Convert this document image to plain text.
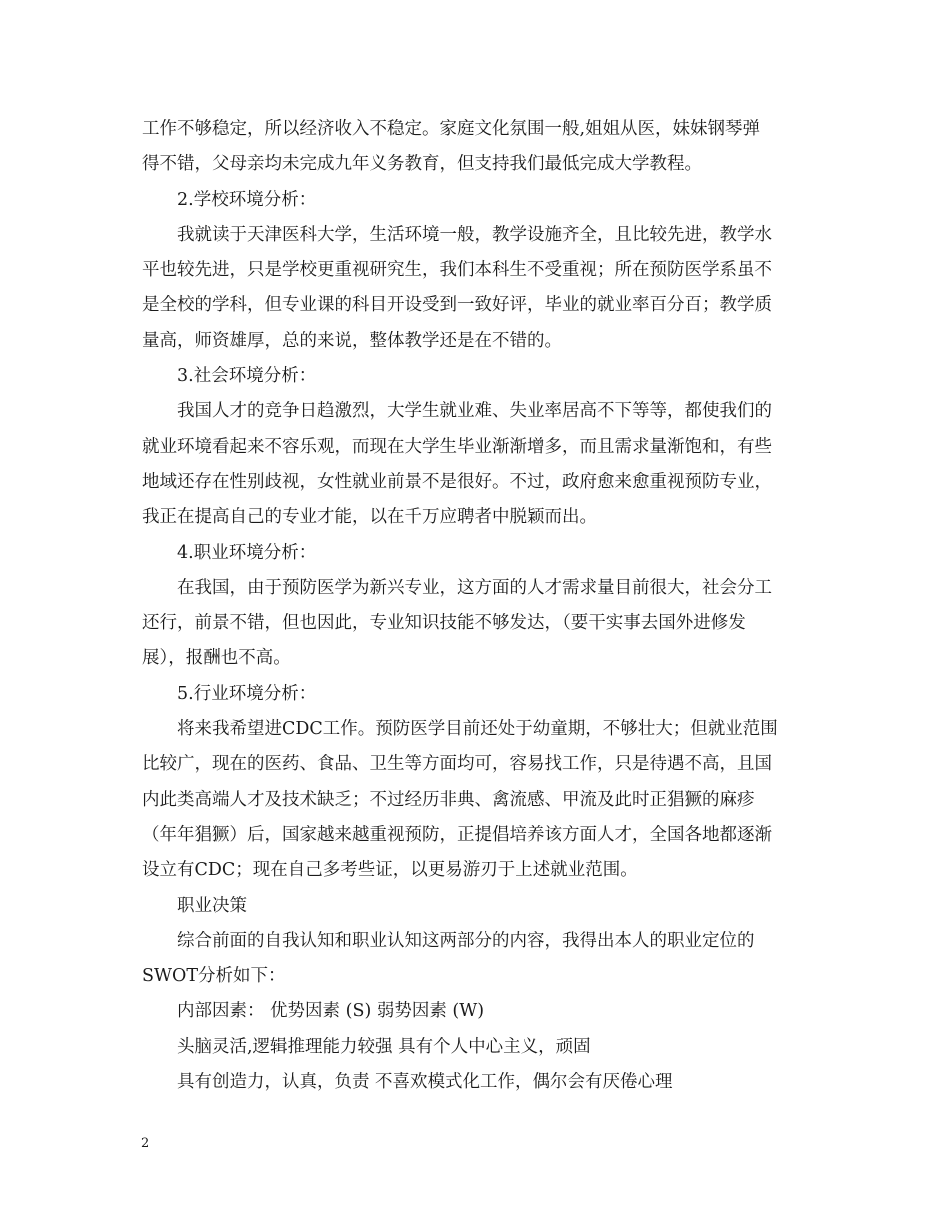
工作不够稳定，所以经济收入不稳定。家庭文化氛围一般,姐姐从医，妹妹钢琴弹
得不错，父母亲均未完成九年义务教育，但支持我们最低完成大学教程。
2.学校环境分析：
我就读于天津医科大学，生活环境一般，教学设施齐全，且比较先进，教学水
平也较先进，只是学校更重视研究生，我们本科生不受重视；所在预防医学系虽不
是全校的学科，但专业课的科目开设受到一致好评，毕业的就业率百分百；教学质
量高，师资雄厚，总的来说，整体教学还是在不错的。
3.社会环境分析：
我国人才的竞争日趋激烈，大学生就业难、失业率居高不下等等，都使我们的
就业环境看起来不容乐观，而现在大学生毕业渐渐增多，而且需求量渐饱和，有些
地域还存在性别歧视，女性就业前景不是很好。不过，政府愈来愈重视预防专业，
我正在提高自己的专业才能，以在千万应聘者中脱颖而出。
4.职业环境分析：
在我国，由于预防医学为新兴专业，这方面的人才需求量目前很大，社会分工
还行，前景不错，但也因此，专业知识技能不够发达，（要干实事去国外进修发
展），报酬也不高。
5.行业环境分析：
将来我希望进CDC工作。预防医学目前还处于幼童期，不够壮大；但就业范围
比较广，现在的医药、食品、卫生等方面均可，容易找工作，只是待遇不高，且国
内此类高端人才及技术缺乏；不过经历非典、禽流感、甲流及此时正猖獗的麻疹
（年年猖獗）后，国家越来越重视预防，正提倡培养该方面人才，全国各地都逐渐
设立有CDC；现在自己多考些证，以更易游刃于上述就业范围。
职业决策
综合前面的自我认知和职业认知这两部分的内容，我得出本人的职业定位的
SWOT分析如下：
内部因素： 优势因素 (S) 弱势因素 (W)
头脑灵活,逻辑推理能力较强 具有个人中心主义，顽固
具有创造力，认真，负责 不喜欢模式化工作，偶尔会有厌倦心理
2
